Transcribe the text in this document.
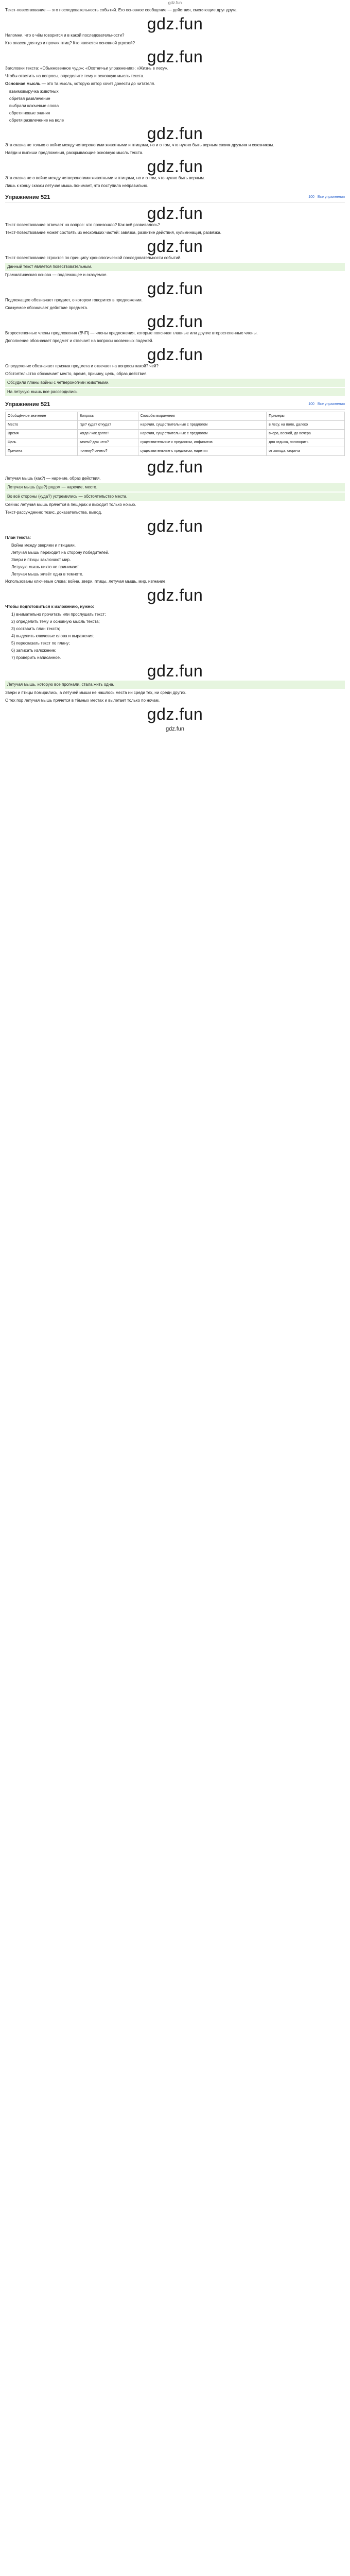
gdz.fun

Текст-повествование — это последовательность событий. Его основное сообщение — действия, сменяющие друг друга.

gdz.fun

Напомни, что о чём говорится и в какой последовательности?

Кто опасен для кур и прочих птиц? Кто является основной угрозой?

gdz.fun

Заголовки текста: «Обыкновенное чудо»; «Охотничьи упражнения»; «Жизнь в лесу».

Чтобы ответить на вопросы, определите тему и основную мысль текста.

Основная мысль — это та мысль, которую автор хочет донести до читателя.

взаимовыручка животных
обретая развлечение
выбрали ключевые слова
обретя новые знания
обретя развлечение на воле
gdz.fun

Эта сказка не только о войне между четвероногими животными и птицами, но и о том, что нужно быть верным своим друзьям и союзникам.

Найди и выпиши предложения, раскрывающие основную мысль текста.

gdz.fun

Эта сказка не о войне между четвероногими животными и птицами, но и о том, что нужно быть верным.

Лишь к концу сказки летучая мышь понимает, что поступила неправильно.

Упражнение 521	100 Все упражнения
gdz.fun

Текст-повествование отвечает на вопрос: что произошло? Как всё развивалось?

Текст-повествование может состоять из нескольких частей: завязка, развитие действия, кульминация, развязка.

gdz.fun

Текст-повествование строится по принципу хронологической последовательности событий.

Данный текст является повествовательным.

Грамматическая основа — подлежащее и сказуемое.

gdz.fun

Подлежащее обозначает предмет, о котором говорится в предложении.

Сказуемое обозначает действие предмета.

gdz.fun

Второстепенные члены предложения (ВЧП) — члены предложения, которые поясняют главные или другие второстепенные члены.

Дополнение обозначает предмет и отвечает на вопросы косвенных падежей.

gdz.fun

Определение обозначает признак предмета и отвечает на вопросы какой? чей?

Обстоятельство обозначает место, время, причину, цель, образ действия.

Обсудили планы войны с четвероногими животными.
На летучую мышь все рассердились.
Упражнение 521	100 Все упражнения
Обобщённое значение	Вопросы	Способы выражения	Примеры
Место	где? куда? откуда?	наречия, существительные с предлогом	в лесу, на поле, далеко
Время	когда? как долго?	наречия, существительные с предлогом	вчера, весной, до вечера
Цель	зачем? для чего?	существительные с предлогом, инфинитив	для отдыха, поговорить
Причина	почему? отчего?	существительные с предлогом, наречия	от холода, сгоряча
gdz.fun

Летучая мышь (как?) — наречие, образ действия.

Летучая мышь (где?) рядом — наречие, место.
Во всё стороны (куда?) устремились — обстоятельство места.

Сейчас летучая мышь прячется в пещерах и выходит только ночью.

Текст-рассуждение: тезис, доказательства, вывод.

gdz.fun

План текста:

Война между зверями и птицами.
Летучая мышь переходит на сторону победителей.
Звери и птицы заключают мир.
Летучую мышь никто не принимает.
Летучая мышь живёт одна в темноте.

Использованы ключевые слова: война, звери, птицы, летучая мышь, мир, изгнание.

gdz.fun

Чтобы подготовиться к изложению, нужно:

1) внимательно прочитать или прослушать текст;
2) определить тему и основную мысль текста;
3) составить план текста;
4) выделить ключевые слова и выражения;
5) пересказать текст по плану;
6) записать изложение;
7) проверить написанное.
gdz.fun
Летучая мышь, которую все прогнали, стала жить одна.

Звери и птицы помирились, а летучей мыши не нашлось места ни среди тех, ни среди других.

С тех пор летучая мышь прячется в тёмных местах и вылетает только по ночам.

gdz.fun
gdz.fun
